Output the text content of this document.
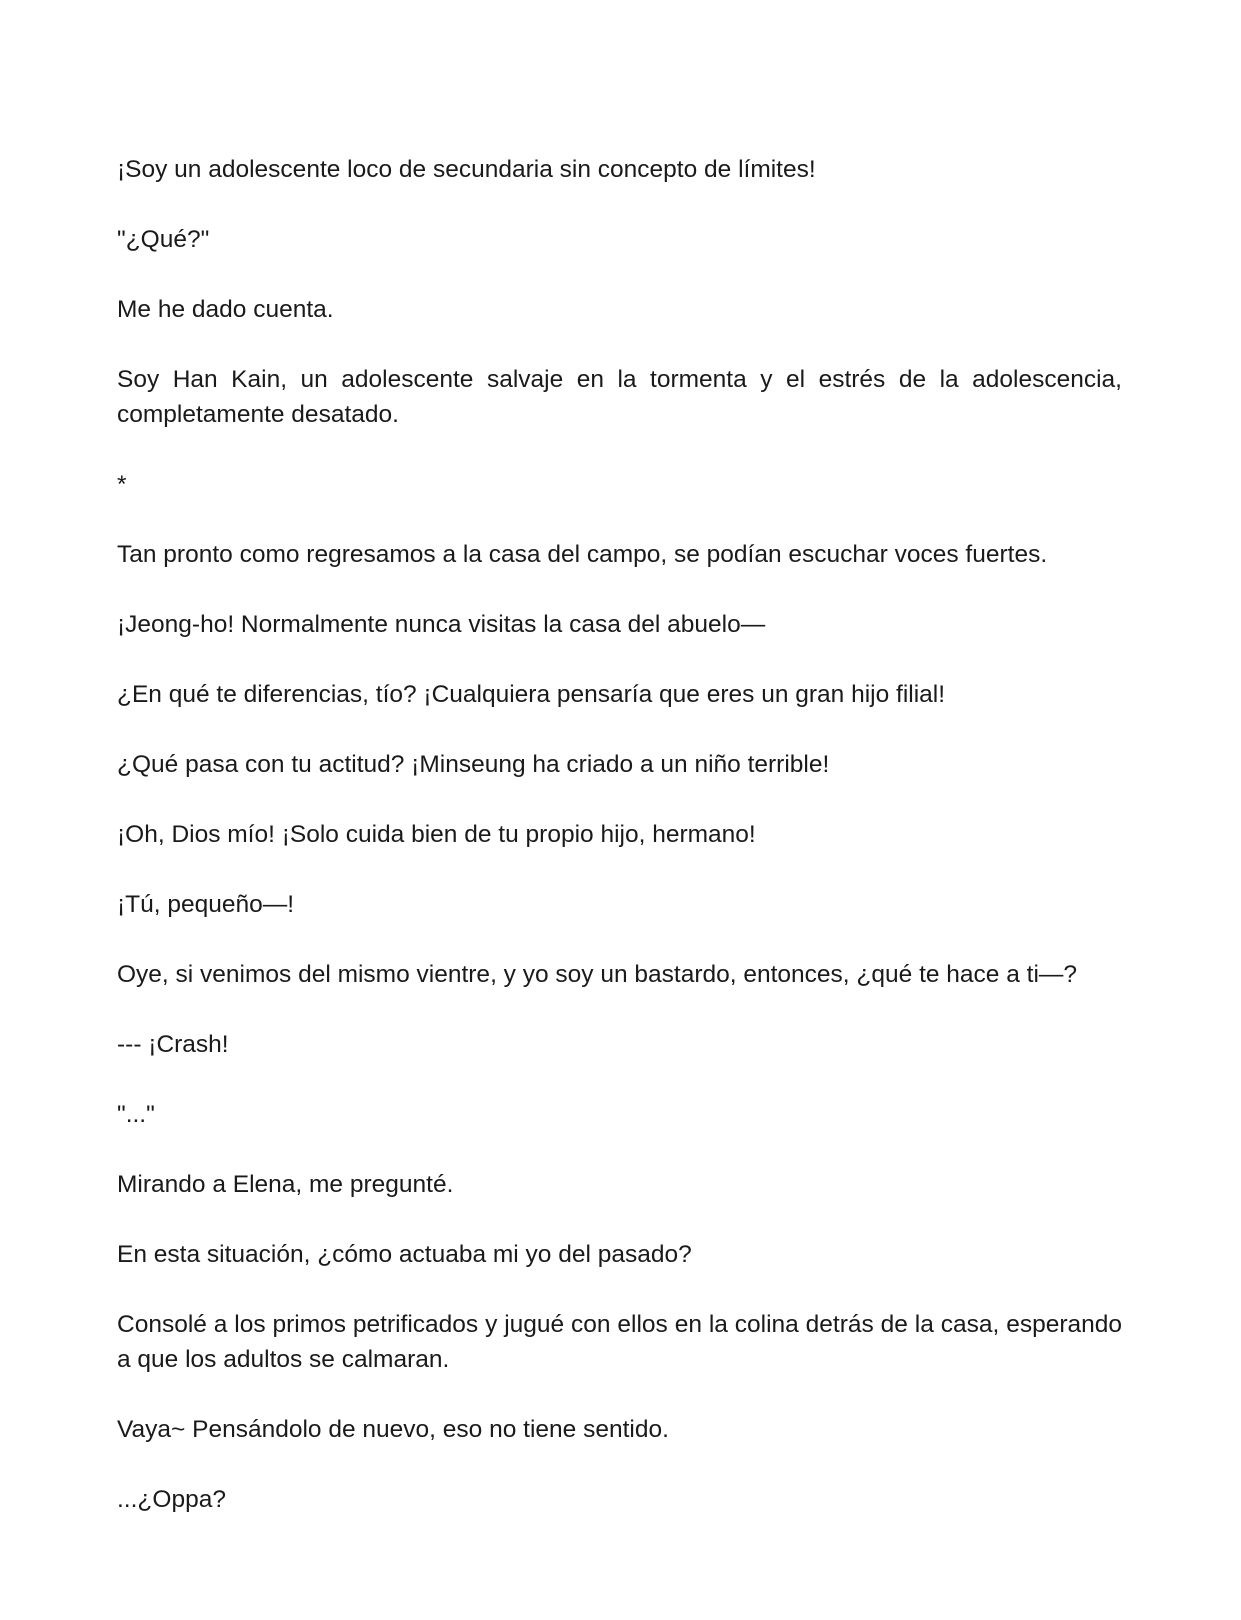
¡Soy un adolescente loco de secundaria sin concepto de límites!

"¿Qué?"

Me he dado cuenta.

Soy Han Kain, un adolescente salvaje en la tormenta y el estrés de la adolescencia, completamente desatado.

*

Tan pronto como regresamos a la casa del campo, se podían escuchar voces fuertes.

¡Jeong-ho! Normalmente nunca visitas la casa del abuelo—

¿En qué te diferencias, tío? ¡Cualquiera pensaría que eres un gran hijo filial!

¿Qué pasa con tu actitud? ¡Minseung ha criado a un niño terrible!

¡Oh, Dios mío! ¡Solo cuida bien de tu propio hijo, hermano!

¡Tú, pequeño—!

Oye, si venimos del mismo vientre, y yo soy un bastardo, entonces, ¿qué te hace a ti—?

--- ¡Crash!

"..."

Mirando a Elena, me pregunté.

En esta situación, ¿cómo actuaba mi yo del pasado?

Consolé a los primos petrificados y jugué con ellos en la colina detrás de la casa, esperando a que los adultos se calmaran.

Vaya~ Pensándolo de nuevo, eso no tiene sentido.

...¿Oppa?
